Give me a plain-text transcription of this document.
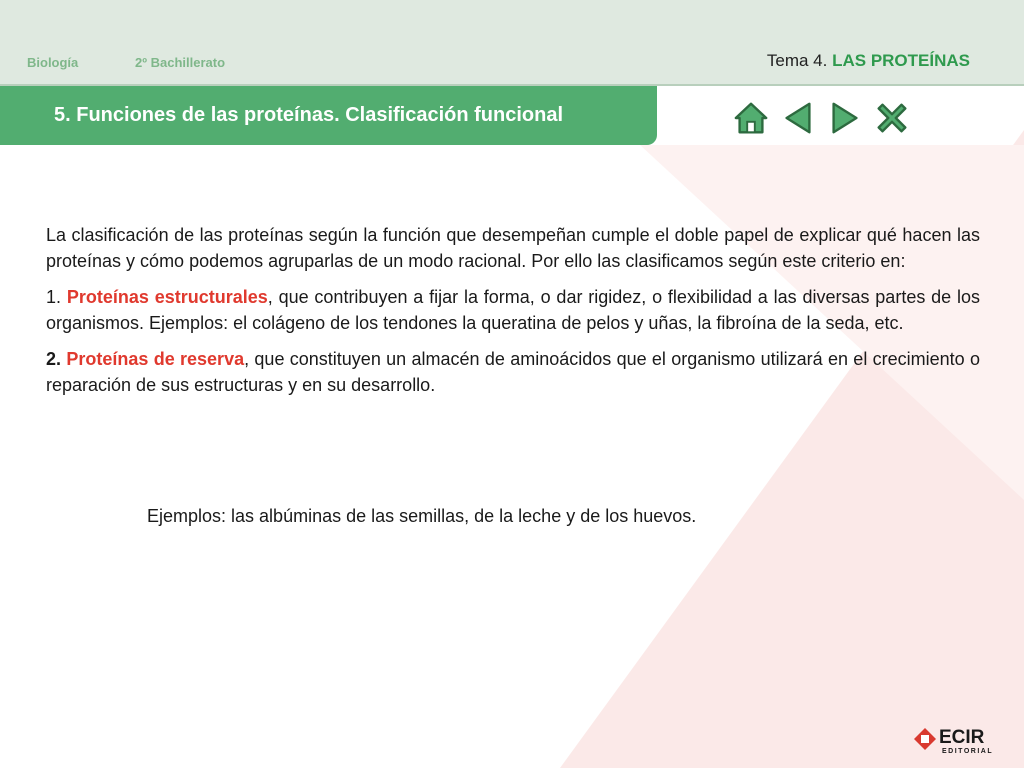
Biología	2º Bachillerato	Tema 4. LAS PROTEÍNAS
5. Funciones de las proteínas. Clasificación funcional

La clasificación de las proteínas según la función que desempeñan cumple el doble papel de explicar qué hacen las proteínas y cómo podemos agruparlas de un modo racional. Por ello las clasificamos según este criterio en:

1. Proteínas estructurales, que contribuyen a fijar la forma, o dar rigidez, o flexibilidad a las diversas partes de los organismos. Ejemplos: el colágeno de los tendones la queratina de pelos y uñas, la fibroína de la seda, etc.

2. Proteínas de reserva, que constituyen un almacén de aminoácidos que el organismo utilizará en el crecimiento o reparación de sus estructuras y en su desarrollo.

Ejemplos: las albúminas de las semillas, de la leche y de los huevos.
ECIR
EDITORIAL
